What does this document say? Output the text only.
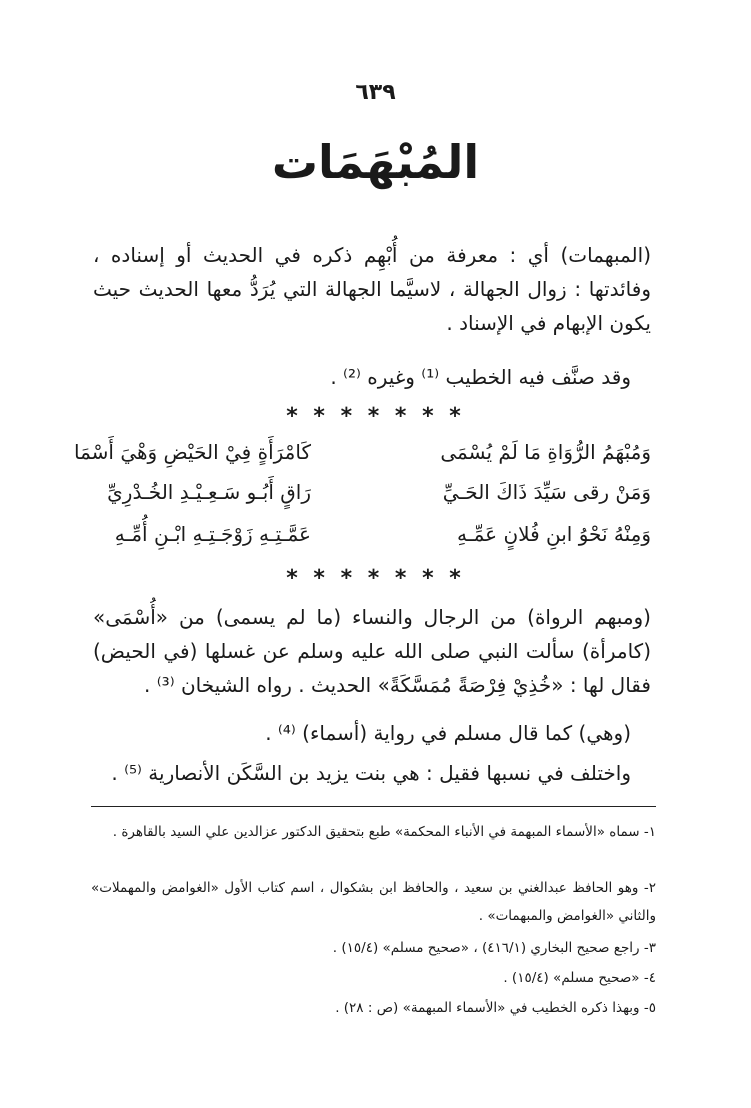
٦٣٩
المُبْهَمَات
(المبهمات) أي : معرفة من أُبْهِم ذكره في الحديث أو إسناده ، وفائدتها : زوال الجهالة ، لاسيَّما الجهالة التي يُرَدُّ معها الحديث حيث يكون الإبهام في الإسناد .
وقد صنَّف فيه الخطيب ⁽¹⁾ وغيره ⁽²⁾ .
* * * * * * *
وَمُبْهَمُ الرُّوَاةِ مَا لَمْ يُسْمَى
كَامْرَأَةٍ فِيْ الحَيْضِ وَهْيَ أَسْمَا
وَمَنْ رقى سَيِّدَ ذَاكَ الحَـيِّ
رَاقٍ أَبُـو سَـعِـيْـدِ الخُـدْرِيِّ
وَمِنْهُ نَحْوُ ابنِ فُلانٍ عَمِّـهِ
عَمَّـتِـهِ زَوْجَـتِـهِ ابْـنِ أُمِّـهِ
* * * * * * *
(ومبهم الرواة) من الرجال والنساء (ما لم يسمى) من «أُسْمَى» (كامرأة) سألت النبي صلى الله عليه وسلم عن غسلها (في الحيض) فقال لها : «خُذِيْ فِرْصَةً مُمَسَّكَةً» الحديث . رواه الشيخان ⁽³⁾ .
(وهي) كما قال مسلم في رواية (أسماء) ⁽⁴⁾ .
واختلف في نسبها فقيل : هي بنت يزيد بن السَّكَن الأنصارية ⁽⁵⁾ .
١- سماه «الأسماء المبهمة في الأنباء المحكمة» طبع بتحقيق الدكتور عزالدين علي السيد بالقاهرة .
٢- وهو الحافظ عبدالغني بن سعيد ، والحافظ ابن بشكوال ، اسم كتاب الأول «الغوامض والمهملات» والثاني «الغوامض والمبهمات» .
٣- راجع صحيح البخاري (٤١٦/١) ، «صحيح مسلم» (١٥/٤) .
٤- «صحيح مسلم» (١٥/٤) .
٥- وبهذا ذكره الخطيب في «الأسماء المبهمة» (ص : ٢٨) .
